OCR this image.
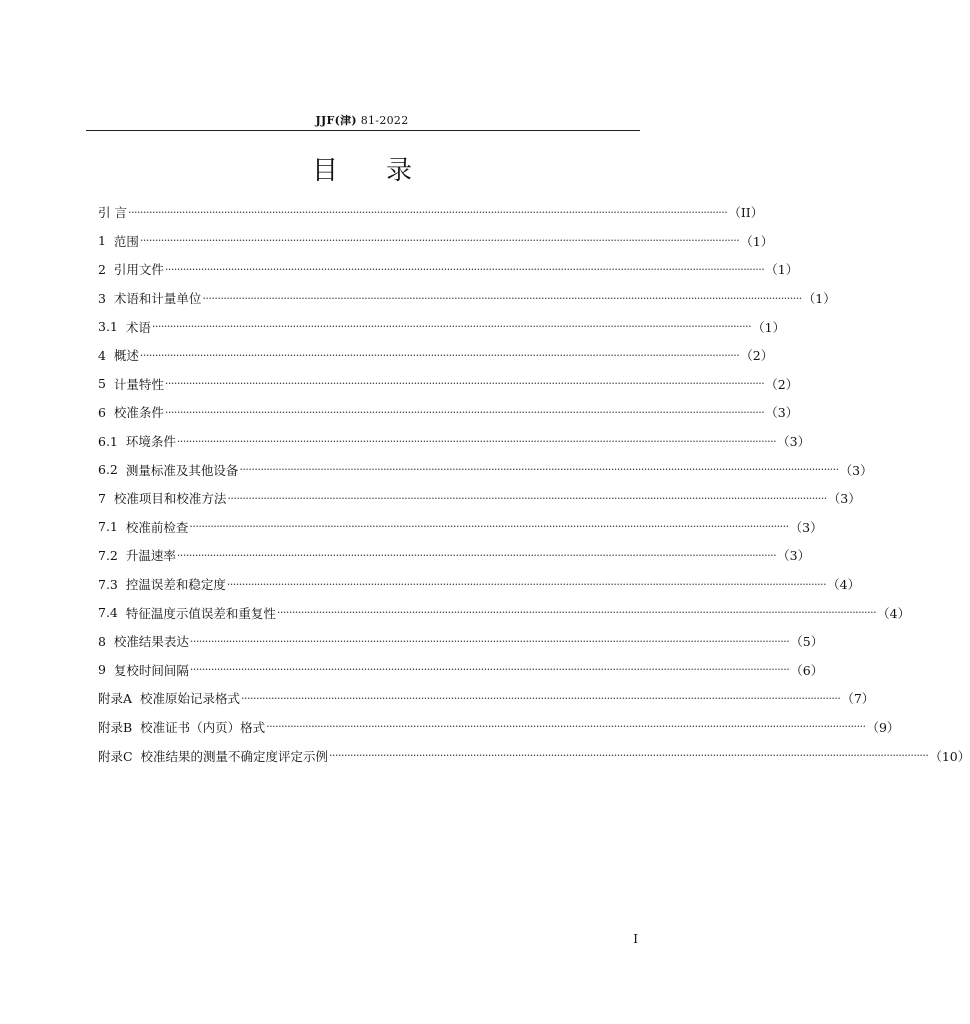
JJF(津) 81-2022
目 录
引 言 ········································································································································································································ （II）
1 范围 ········································································································································································································ （1）
2 引用文件 ········································································································································································································ （1）
3 术语和计量单位 ········································································································································································································ （1）
3.1 术语 ········································································································································································································ （1）
4 概述 ········································································································································································································ （2）
5 计量特性 ········································································································································································································ （2）
6 校准条件 ········································································································································································································ （3）
6.1 环境条件 ········································································································································································································ （3）
6.2 测量标准及其他设备 ········································································································································································································ （3）
7 校准项目和校准方法 ········································································································································································································ （3）
7.1 校准前检查 ········································································································································································································ （3）
7.2 升温速率 ········································································································································································································ （3）
7.3 控温误差和稳定度 ········································································································································································································ （4）
7.4 特征温度示值误差和重复性 ········································································································································································································ （4）
8 校准结果表达 ········································································································································································································ （5）
9 复校时间间隔 ········································································································································································································ （6）
附录A 校准原始记录格式 ········································································································································································································ （7）
附录B 校准证书（内页）格式 ········································································································································································································ （9）
附录C 校准结果的测量不确定度评定示例 ········································································································································································································ （10）
I
